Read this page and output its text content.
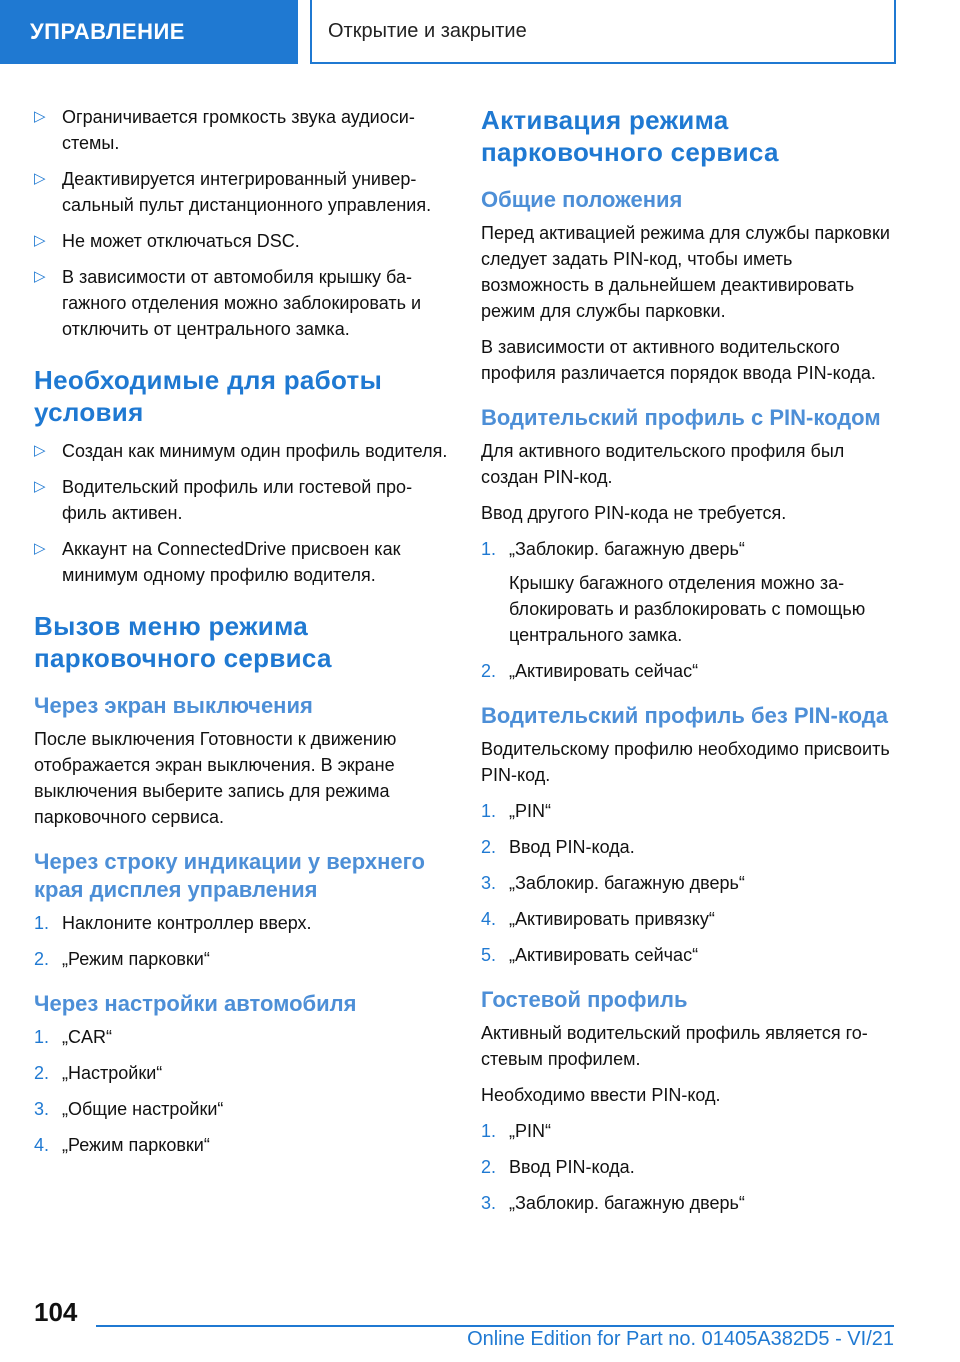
УПРАВЛЕНИЕ	Открытие и закрытие
▷ Ограничивается громкость звука аудиосистемы.
▷ Деактивируется интегрированный универсальный пульт дистанционного управления.
▷ Не может отключаться DSC.
▷ В зависимости от автомобиля крышку багажного отделения можно заблокировать и отключить от центрального замка.
Необходимые для работы условия
▷ Создан как минимум один профиль водителя.
▷ Водительский профиль или гостевой профиль активен.
▷ Аккаунт на ConnectedDrive присвоен как минимум одному профилю водителя.
Вызов меню режима парковочного сервиса
Через экран выключения

После выключения Готовности к движению отображается экран выключения. В экране выключения выберите запись для режима парковочного сервиса.

Через строку индикации у верхнего края дисплея управления
1. Наклоните контроллер вверх.
2. „Режим парковки“
Через настройки автомобиля
1. „CAR“
2. „Настройки“
3. „Общие настройки“
4. „Режим парковки“
Активация режима парковочного сервиса
Общие положения

Перед активацией режима для службы парковки следует задать PIN-код, чтобы иметь возможность в дальнейшем деактивировать режим для службы парковки.

В зависимости от активного водительского профиля различается порядок ввода PIN-кода.

Водительский профиль с PIN-кодом

Для активного водительского профиля был создан PIN-код.

Ввод другого PIN-кода не требуется.

1. „Заблокир. багажную дверь“
Крышку багажного отделения можно заблокировать и разблокировать с помощью центрального замка.
2. „Активировать сейчас“
Водительский профиль без PIN-кода

Водительскому профилю необходимо присвоить PIN-код.

1. „PIN“
2. Ввод PIN-кода.
3. „Заблокир. багажную дверь“
4. „Активировать привязку“
5. „Активировать сейчас“
Гостевой профиль

Активный водительский профиль является гостевым профилем.

Необходимо ввести PIN-код.

1. „PIN“
2. Ввод PIN-кода.
3. „Заблокир. багажную дверь“
104
Online Edition for Part no. 01405A382D5 - VI/21
